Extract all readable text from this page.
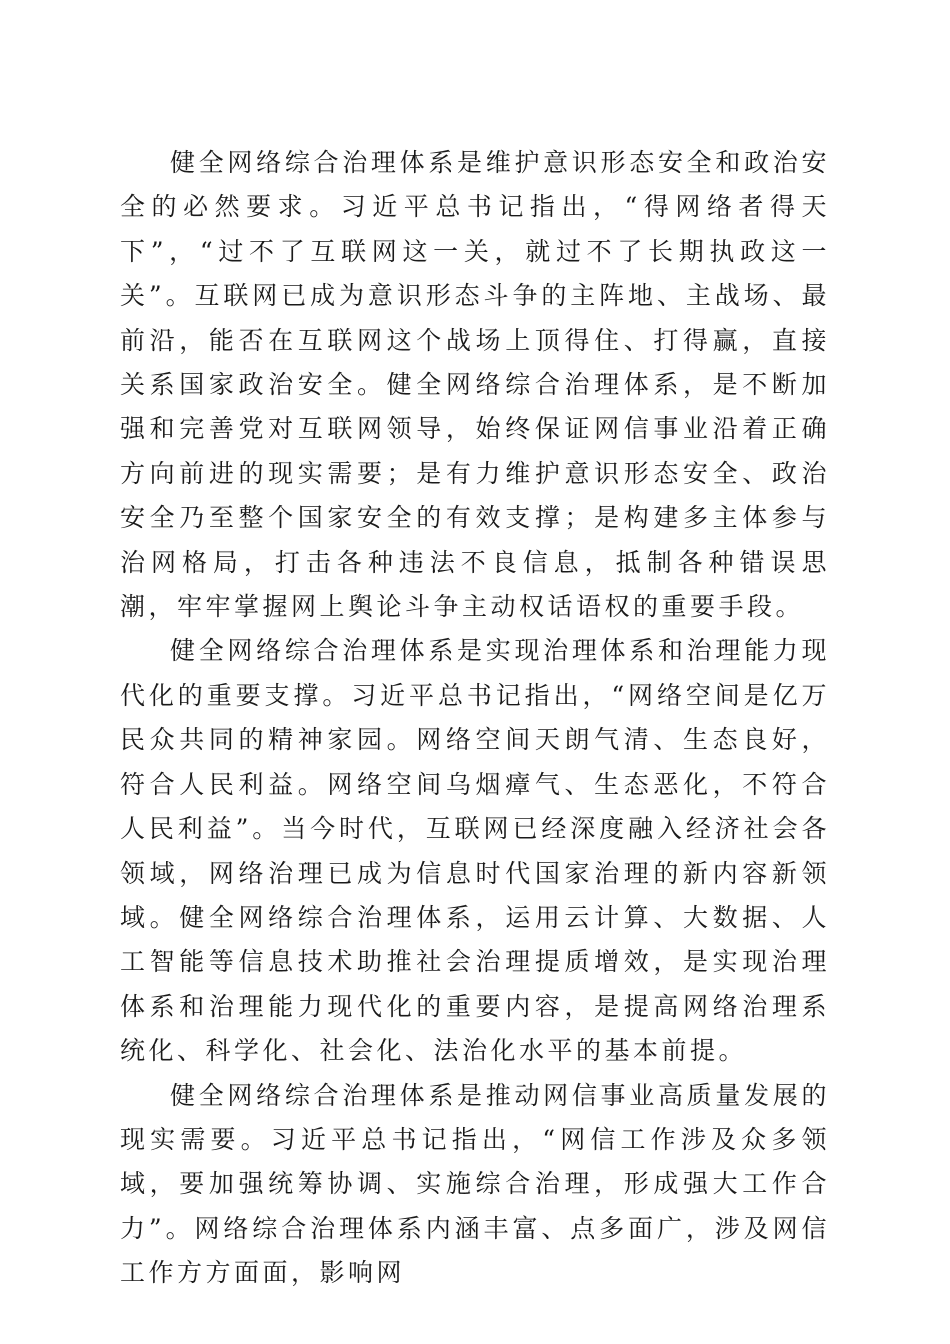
健全网络综合治理体系是维护意识形态安全和政治安全的必然要求。习近平总书记指出，“得网络者得天下”，“过不了互联网这一关，就过不了长期执政这一关”。互联网已成为意识形态斗争的主阵地、主战场、最前沿，能否在互联网这个战场上顶得住、打得赢，直接关系国家政治安全。健全网络综合治理体系，是不断加强和完善党对互联网领导，始终保证网信事业沿着正确方向前进的现实需要；是有力维护意识形态安全、政治安全乃至整个国家安全的有效支撑；是构建多主体参与治网格局，打击各种违法不良信息，抵制各种错误思潮，牢牢掌握网上舆论斗争主动权话语权的重要手段。

健全网络综合治理体系是实现治理体系和治理能力现代化的重要支撑。习近平总书记指出，“网络空间是亿万民众共同的精神家园。网络空间天朗气清、生态良好，符合人民利益。网络空间乌烟瘴气、生态恶化，不符合人民利益”。当今时代，互联网已经深度融入经济社会各领域，网络治理已成为信息时代国家治理的新内容新领域。健全网络综合治理体系，运用云计算、大数据、人工智能等信息技术助推社会治理提质增效，是实现治理体系和治理能力现代化的重要内容，是提高网络治理系统化、科学化、社会化、法治化水平的基本前提。

健全网络综合治理体系是推动网信事业高质量发展的现实需要。习近平总书记指出，“网信工作涉及众多领域，要加强统筹协调、实施综合治理，形成强大工作合力”。网络综合治理体系内涵丰富、点多面广，涉及网信工作方方面面，影响网
